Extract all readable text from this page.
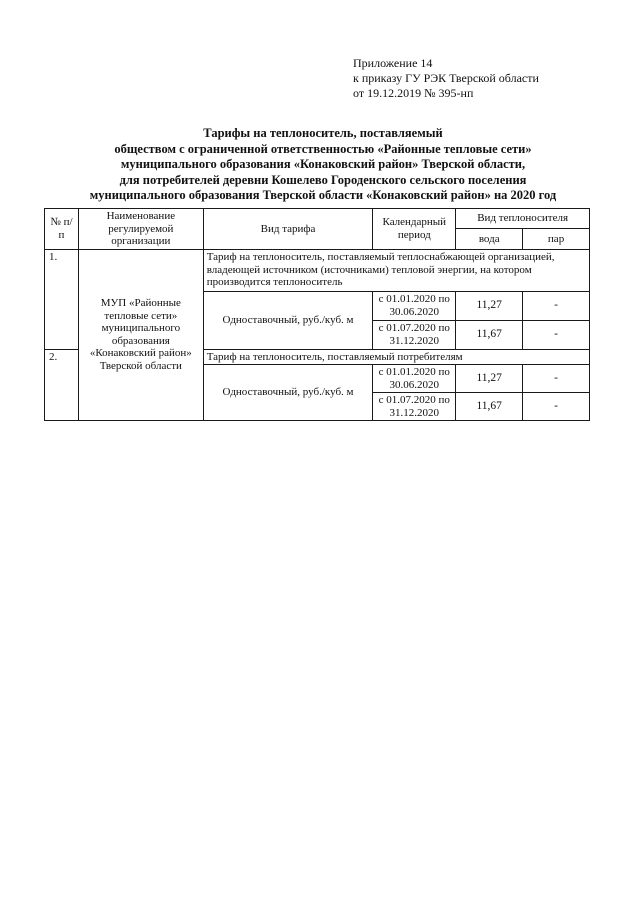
Приложение 14
к приказу ГУ РЭК Тверской области
от 19.12.2019 № 395-нп
Тарифы на теплоноситель, поставляемый
обществом с ограниченной ответственностью «Районные тепловые сети»
муниципального образования «Конаковский район» Тверской области,
для потребителей деревни Кошелево Городенского сельского поселения
муниципального образования Тверской области «Конаковский район» на 2020 год
№ п/п	Наименование регулируемой организации	Вид тарифа	Календарный период	Вид теплоносителя	
				вода	пар
1.	МУП «Районные тепловые сети» муниципального образования «Конаковский район» Тверской области	Тариф на теплоноситель, поставляемый теплоснабжающей организацией, владеющей источником (источниками) тепловой энергии, на котором производится теплоноситель			
		Одноставочный, руб./куб. м	с 01.01.2020 по 30.06.2020	11,27	-
			с 01.07.2020 по 31.12.2020	11,67	-
2.		Тариф на теплоноситель, поставляемый потребителям			
		Одноставочный, руб./куб. м	с 01.01.2020 по 30.06.2020	11,27	-
			с 01.07.2020 по 31.12.2020	11,67	-
